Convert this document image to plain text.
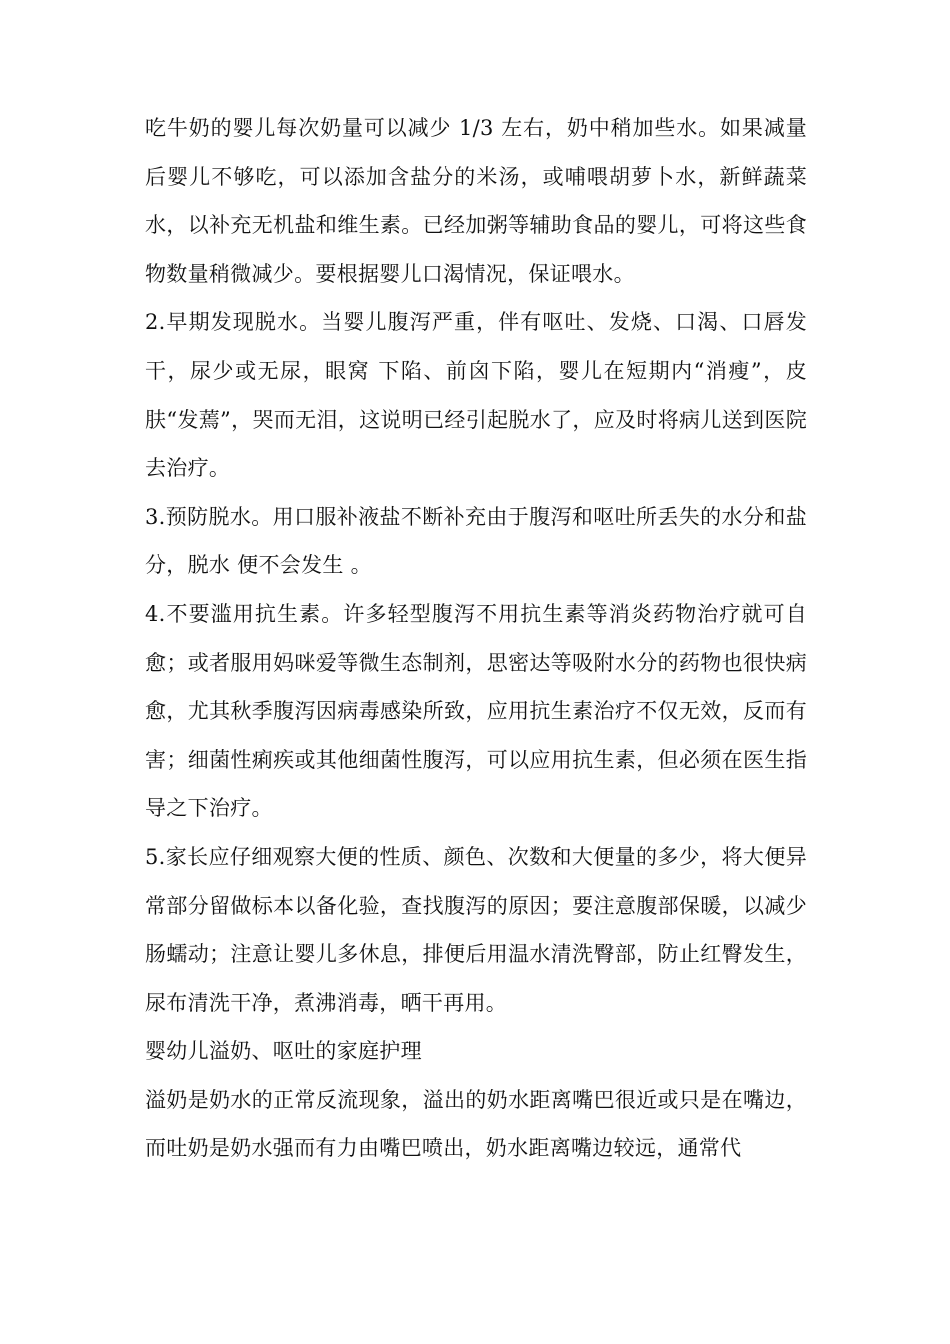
吃牛奶的婴儿每次奶量可以减少 1/3 左右，奶中稍加些水。如果减量后婴儿不够吃，可以添加含盐分的米汤，或哺喂胡萝卜水，新鲜蔬菜水，以补充无机盐和维生素。已经加粥等辅助食品的婴儿，可将这些食物数量稍微减少。要根据婴儿口渴情况，保证喂水。

2.早期发现脱水。当婴儿腹泻严重，伴有呕吐、发烧、口渴、口唇发干，尿少或无尿，眼窝 下陷、前囟下陷，婴儿在短期内“消瘦”，皮肤“发蔫”，哭而无泪，这说明已经引起脱水了，应及时将病儿送到医院去治疗。

3.预防脱水。用口服补液盐不断补充由于腹泻和呕吐所丢失的水分和盐分，脱水 便不会发生 。

4.不要滥用抗生素。许多轻型腹泻不用抗生素等消炎药物治疗就可自愈；或者服用妈咪爱等微生态制剂，思密达等吸附水分的药物也很快病愈，尤其秋季腹泻因病毒感染所致，应用抗生素治疗不仅无效，反而有害；细菌性痢疾或其他细菌性腹泻，可以应用抗生素，但必须在医生指导之下治疗。

5.家长应仔细观察大便的性质、颜色、次数和大便量的多少，将大便异常部分留做标本以备化验，查找腹泻的原因；要注意腹部保暖，以减少肠蠕动；注意让婴儿多休息，排便后用温水清洗臀部，防止红臀发生，尿布清洗干净，煮沸消毒，晒干再用。

婴幼儿溢奶、呕吐的家庭护理

溢奶是奶水的正常反流现象，溢出的奶水距离嘴巴很近或只是在嘴边，而吐奶是奶水强而有力由嘴巴喷出，奶水距离嘴边较远，通常代
